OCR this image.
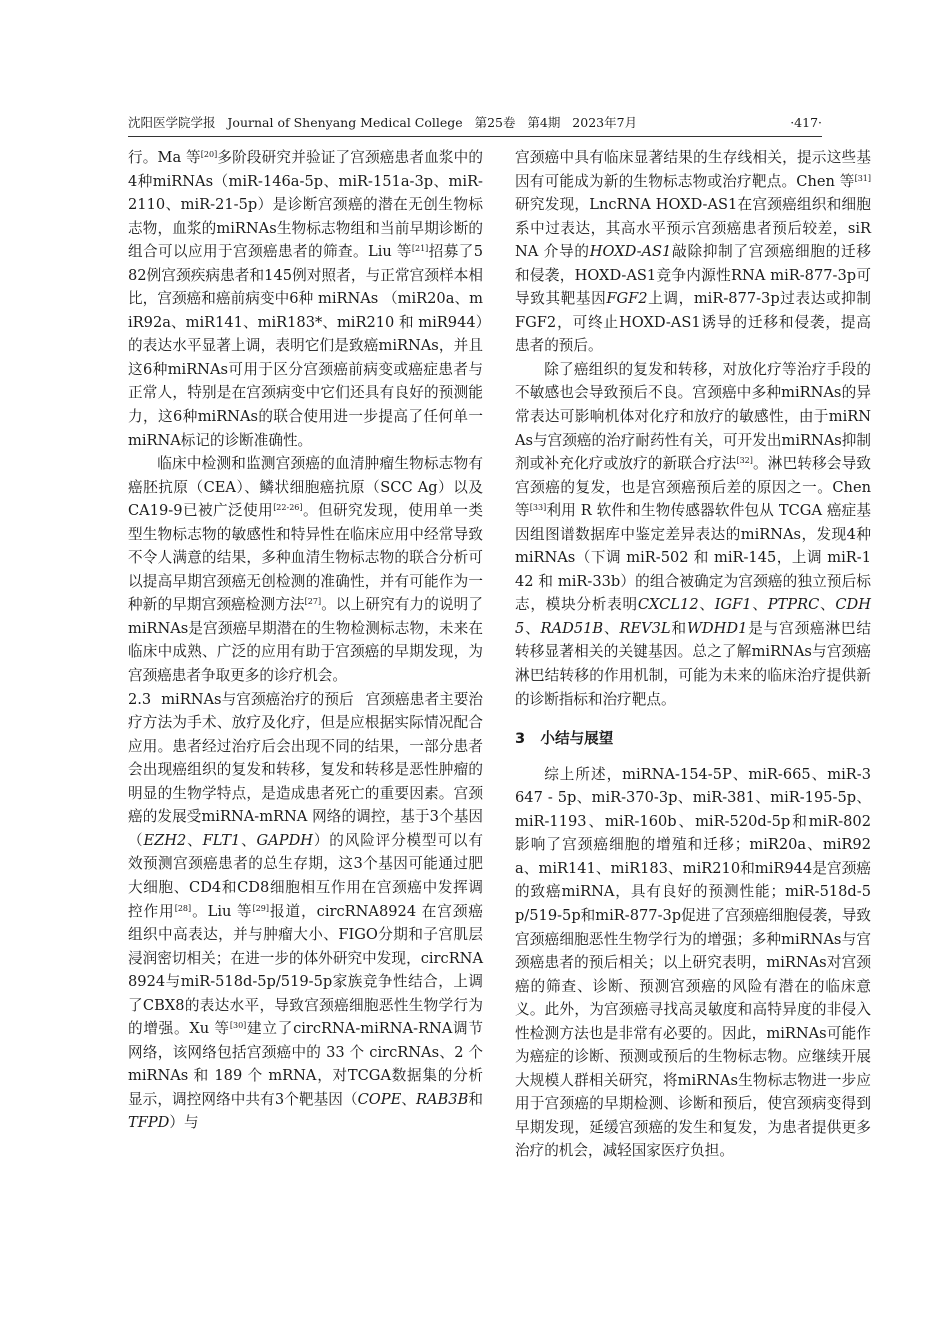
沈阳医学院学报   Journal of Shenyang Medical College   第25卷   第4期   2023年7月	·417·

行。Ma 等[20]多阶段研究并验证了宫颈癌患者血浆中的4种miRNAs（miR-146a-5p、miR-151a-3p、miR-2110、miR-21-5p）是诊断宫颈癌的潜在无创生物标志物，血浆的miRNAs生物标志物组和当前早期诊断的组合可以应用于宫颈癌患者的筛查。Liu 等[21]招募了582例宫颈疾病患者和145例对照者，与正常宫颈样本相比，宫颈癌和癌前病变中6种 miRNAs （miR20a、miR92a、miR141、miR183*、miR210 和 miR944）的表达水平显著上调，表明它们是致癌miRNAs，并且这6种miRNAs可用于区分宫颈癌前病变或癌症患者与正常人，特别是在宫颈病变中它们还具有良好的预测能力，这6种miRNAs的联合使用进一步提高了任何单一miRNA标记的诊断准确性。

临床中检测和监测宫颈癌的血清肿瘤生物标志物有癌胚抗原（CEA）、鳞状细胞癌抗原（SCC Ag）以及 CA19-9已被广泛使用[22-26]。但研究发现，使用单一类型生物标志物的敏感性和特异性在临床应用中经常导致不令人满意的结果，多种血清生物标志物的联合分析可以提高早期宫颈癌无创检测的准确性，并有可能作为一种新的早期宫颈癌检测方法[27]。以上研究有力的说明了miRNAs是宫颈癌早期潜在的生物检测标志物，未来在临床中成熟、广泛的应用有助于宫颈癌的早期发现，为宫颈癌患者争取更多的诊疗机会。

2.3 miRNAs与宫颈癌治疗的预后 宫颈癌患者主要治疗方法为手术、放疗及化疗，但是应根据实际情况配合应用。患者经过治疗后会出现不同的结果，一部分患者会出现癌组织的复发和转移，复发和转移是恶性肿瘤的明显的生物学特点，是造成患者死亡的重要因素。宫颈癌的发展受miRNA-mRNA 网络的调控，基于3个基因（EZH2、FLT1、GAPDH）的风险评分模型可以有效预测宫颈癌患者的总生存期，这3个基因可能通过肥大细胞、CD4和CD8细胞相互作用在宫颈癌中发挥调控作用[28]。Liu 等[29]报道，circRNA8924 在宫颈癌组织中高表达，并与肿瘤大小、FIGO分期和子宫肌层浸润密切相关；在进一步的体外研究中发现，circRNA8924与miR-518d-5p/519-5p家族竞争性结合，上调了CBX8的表达水平，导致宫颈癌细胞恶性生物学行为的增强。Xu 等[30]建立了circRNA-miRNA-RNA调节网络，该网络包括宫颈癌中的 33 个 circRNAs、2 个 miRNAs 和 189 个 mRNA，对TCGA数据集的分析显示，调控网络中共有3个靶基因（COPE、RAB3B和TFPD）与

宫颈癌中具有临床显著结果的生存线相关，提示这些基因有可能成为新的生物标志物或治疗靶点。Chen 等[31]研究发现，LncRNA HOXD-AS1在宫颈癌组织和细胞系中过表达，其高水平预示宫颈癌患者预后较差，siRNA 介导的HOXD-AS1敲除抑制了宫颈癌细胞的迁移和侵袭，HOXD-AS1竞争内源性RNA miR-877-3p可导致其靶基因FGF2上调，miR-877-3p过表达或抑制 FGF2，可终止HOXD-AS1诱导的迁移和侵袭，提高患者的预后。

除了癌组织的复发和转移，对放化疗等治疗手段的不敏感也会导致预后不良。宫颈癌中多种miRNAs的异常表达可影响机体对化疗和放疗的敏感性，由于miRNAs与宫颈癌的治疗耐药性有关，可开发出miRNAs抑制剂或补充化疗或放疗的新联合疗法[32]。淋巴转移会导致宫颈癌的复发，也是宫颈癌预后差的原因之一。Chen 等[33]利用 R 软件和生物传感器软件包从 TCGA 癌症基因组图谱数据库中鉴定差异表达的miRNAs，发现4种miRNAs（下调 miR-502 和 miR-145，上调 miR-142 和 miR-33b）的组合被确定为宫颈癌的独立预后标志，模块分析表明CXCL12、IGF1、PTPRC、CDH5、RAD51B、REV3L和WDHD1是与宫颈癌淋巴结转移显著相关的关键基因。总之了解miRNAs与宫颈癌淋巴结转移的作用机制，可能为未来的临床治疗提供新的诊断指标和治疗靶点。

3   小结与展望

综上所述，miRNA-154-5P、miR-665、miR-3647 - 5p、miR-370-3p、miR-381、miR-195-5p、miR-1193、miR-160b、miR-520d-5p和miR-802影响了宫颈癌细胞的增殖和迁移；miR20a、miR92a、miR141、miR183、miR210和miR944是宫颈癌的致癌miRNA，具有良好的预测性能；miR-518d-5p/519-5p和miR-877-3p促进了宫颈癌细胞侵袭，导致宫颈癌细胞恶性生物学行为的增强；多种miRNAs与宫颈癌患者的预后相关；以上研究表明，miRNAs对宫颈癌的筛查、诊断、预测宫颈癌的风险有潜在的临床意义。此外，为宫颈癌寻找高灵敏度和高特异度的非侵入性检测方法也是非常有必要的。因此，miRNAs可能作为癌症的诊断、预测或预后的生物标志物。应继续开展大规模人群相关研究，将miRNAs生物标志物进一步应用于宫颈癌的早期检测、诊断和预后，使宫颈病变得到早期发现，延缓宫颈癌的发生和复发，为患者提供更多治疗的机会，减轻国家医疗负担。
